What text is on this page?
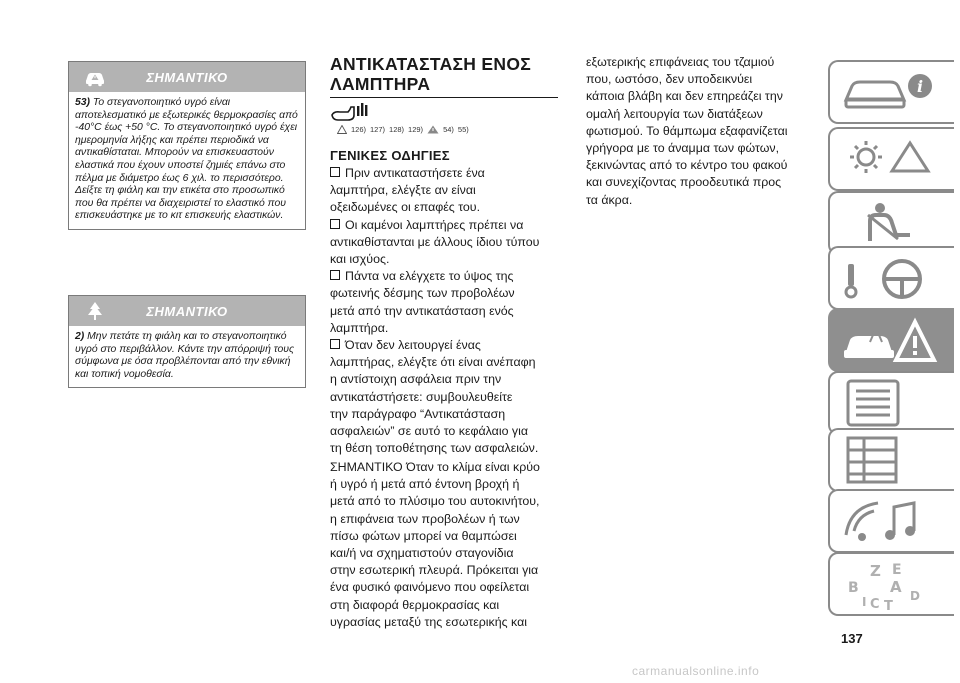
ΣΗΜΑΝΤΙΚΟ

53) Το στεγανοποιητικό υγρό είναι αποτελεσματικό με εξωτερικές θερμοκρασίες από -40°C έως +50 °C. Το στεγανοποιητικό υγρό έχει ημερομηνία λήξης και πρέπει περιοδικά να αντικαθίσταται. Μπορούν να επισκευαστούν ελαστικά που έχουν υποστεί ζημιές επάνω στο πέλμα με διάμετρο έως 6 χιλ. το περισσότερο. Δείξτε τη φιάλη και την ετικέτα στο προσωπικό που θα πρέπει να διαχειριστεί το ελαστικό που επισκευάστηκε με το κιτ επισκευής ελαστικών.

ΣΗΜΑΝΤΙΚΟ

2) Μην πετάτε τη φιάλη και το στεγανοποιητικό υγρό στο περιβάλλον. Κάντε την απόρριψή τους σύμφωνα με όσα προβλέπονται από την εθνική και τοπική νομοθεσία.

ΑΝΤΙΚΑΤΑΣΤΑΣΗ ΕΝΟΣ
ΛΑΜΠΤΗΡΑ
126) 127) 128) 129)	54) 55)
ΓΕΝΙΚΕΣ ΟΔΗΓΙΕΣ

Πριν αντικαταστήσετε ένα

λαμπτήρα, ελέγξτε αν είναι

οξειδωμένες οι επαφές του.

Οι καμένοι λαμπτήρες πρέπει να

αντικαθίστανται με άλλους ίδιου τύπου

και ισχύος.

Πάντα να ελέγχετε το ύψος της

φωτεινής δέσμης των προβολέων

μετά από την αντικατάσταση ενός

λαμπτήρα.

Όταν δεν λειτουργεί ένας

λαμπτήρας, ελέγξτε ότι είναι ανέπαφη

η αντίστοιχη ασφάλεια πριν την

αντικατάστήσετε: συμβουλευθείτε

την παράγραφο “Αντικατάσταση

ασφαλειών” σε αυτό το κεφάλαιο για

τη θέση τοποθέτησης των ασφαλειών.

ΣΗΜΑΝΤΙΚΟ Όταν το κλίμα είναι κρύο

ή υγρό ή μετά από έντονη βροχή ή

μετά από το πλύσιμο του αυτοκινήτου,

η επιφάνεια των προβολέων ή των

πίσω φώτων μπορεί να θαμπώσει

και/ή να σχηματιστούν σταγονίδια

στην εσωτερική πλευρά. Πρόκειται για

ένα φυσικό φαινόμενο που οφείλεται

στη διαφορά θερμοκρασίας και

υγρασίας μεταξύ της εσωτερικής και

εξωτερικής επιφάνειας του τζαμιού

που, ωστόσο, δεν υποδεικνύει

κάποια βλάβη και δεν επηρεάζει την

ομαλή λειτουργία των διατάξεων

φωτισμού. Το θάμπωμα εξαφανίζεται

γρήγορα με το άναμμα των φώτων,

ξεκινώντας από το κέντρο του φακού

και συνεχίζοντας προοδευτικά προς

τα άκρα.

i
Z E
B A D
I C T
137
carmanualsonline.info
